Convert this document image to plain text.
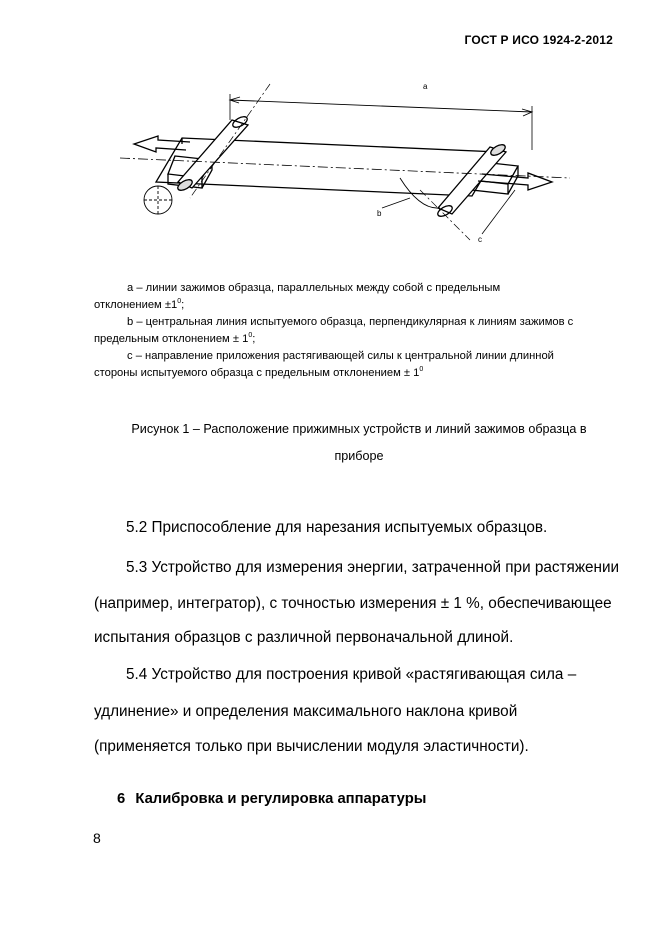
ГОСТ Р ИСО 1924-2-2012
a
b
c

a – линии зажимов образца, параллельных между собой с предельным

отклонением $\pm 1^0$;

b – центральная линия испытуемого образца, перпендикулярная к линиям зажимов с

предельным отклонением ± $1^0$;

c – направление приложения растягивающей силы к центральной линии длинной

стороны испытуемого образца с предельным отклонением ± $1^0$

Рисунок 1 – Расположение прижимных устройств и линий зажимов образца в
приборе

5.2 Приспособление для нарезания испытуемых образцов.

5.3 Устройство для измерения энергии, затраченной при растяжении

(например, интегратор), с точностью измерения ± 1 %, обеспечивающее

испытания образцов с различной первоначальной длиной.

5.4 Устройство для построения кривой «растягивающая сила –

удлинение» и определения максимального наклона кривой

(применяется только при вычислении модуля эластичности).

6 Калибровка и регулировка аппаратуры
8
